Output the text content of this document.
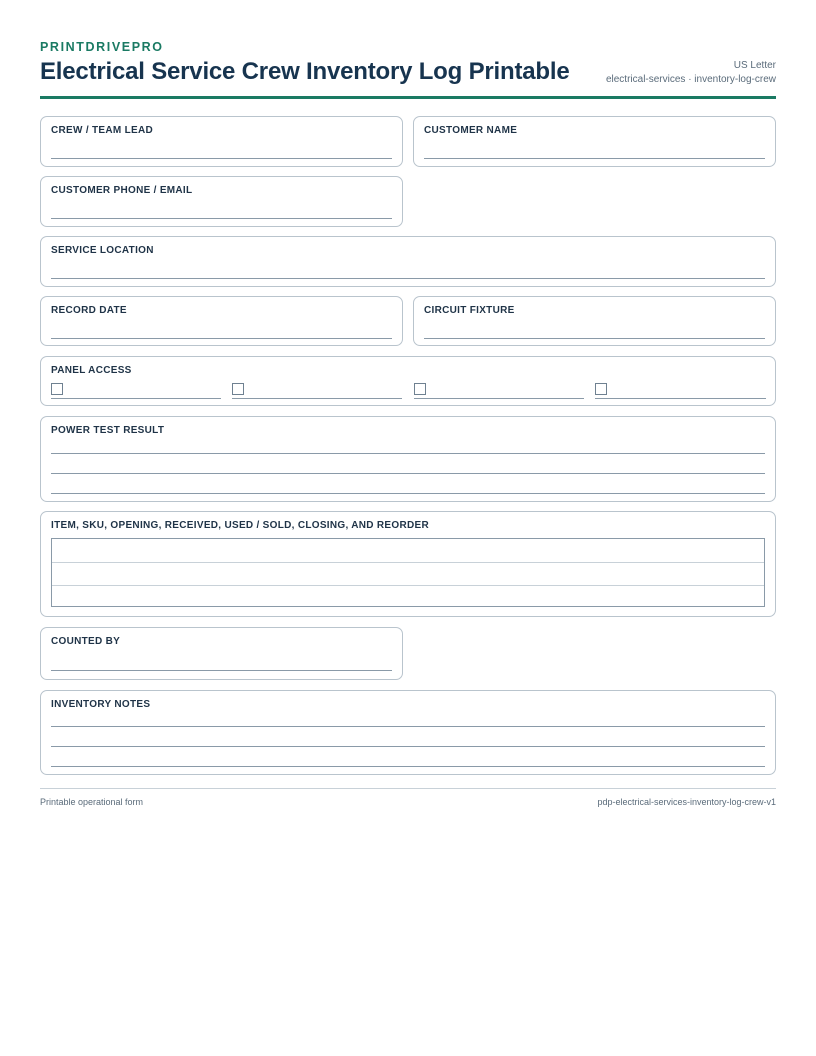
PRINTDRIVEPRO
Electrical Service Crew Inventory Log Printable	US Letter
electrical-services · inventory-log-crew
CREW / TEAM LEAD	CUSTOMER NAME
CUSTOMER PHONE / EMAIL
SERVICE LOCATION
RECORD DATE	CIRCUIT FIXTURE
PANEL ACCESS
POWER TEST RESULT
ITEM, SKU, OPENING, RECEIVED, USED / SOLD, CLOSING, AND REORDER
COUNTED BY
INVENTORY NOTES
Printable operational form	pdp-electrical-services-inventory-log-crew-v1
